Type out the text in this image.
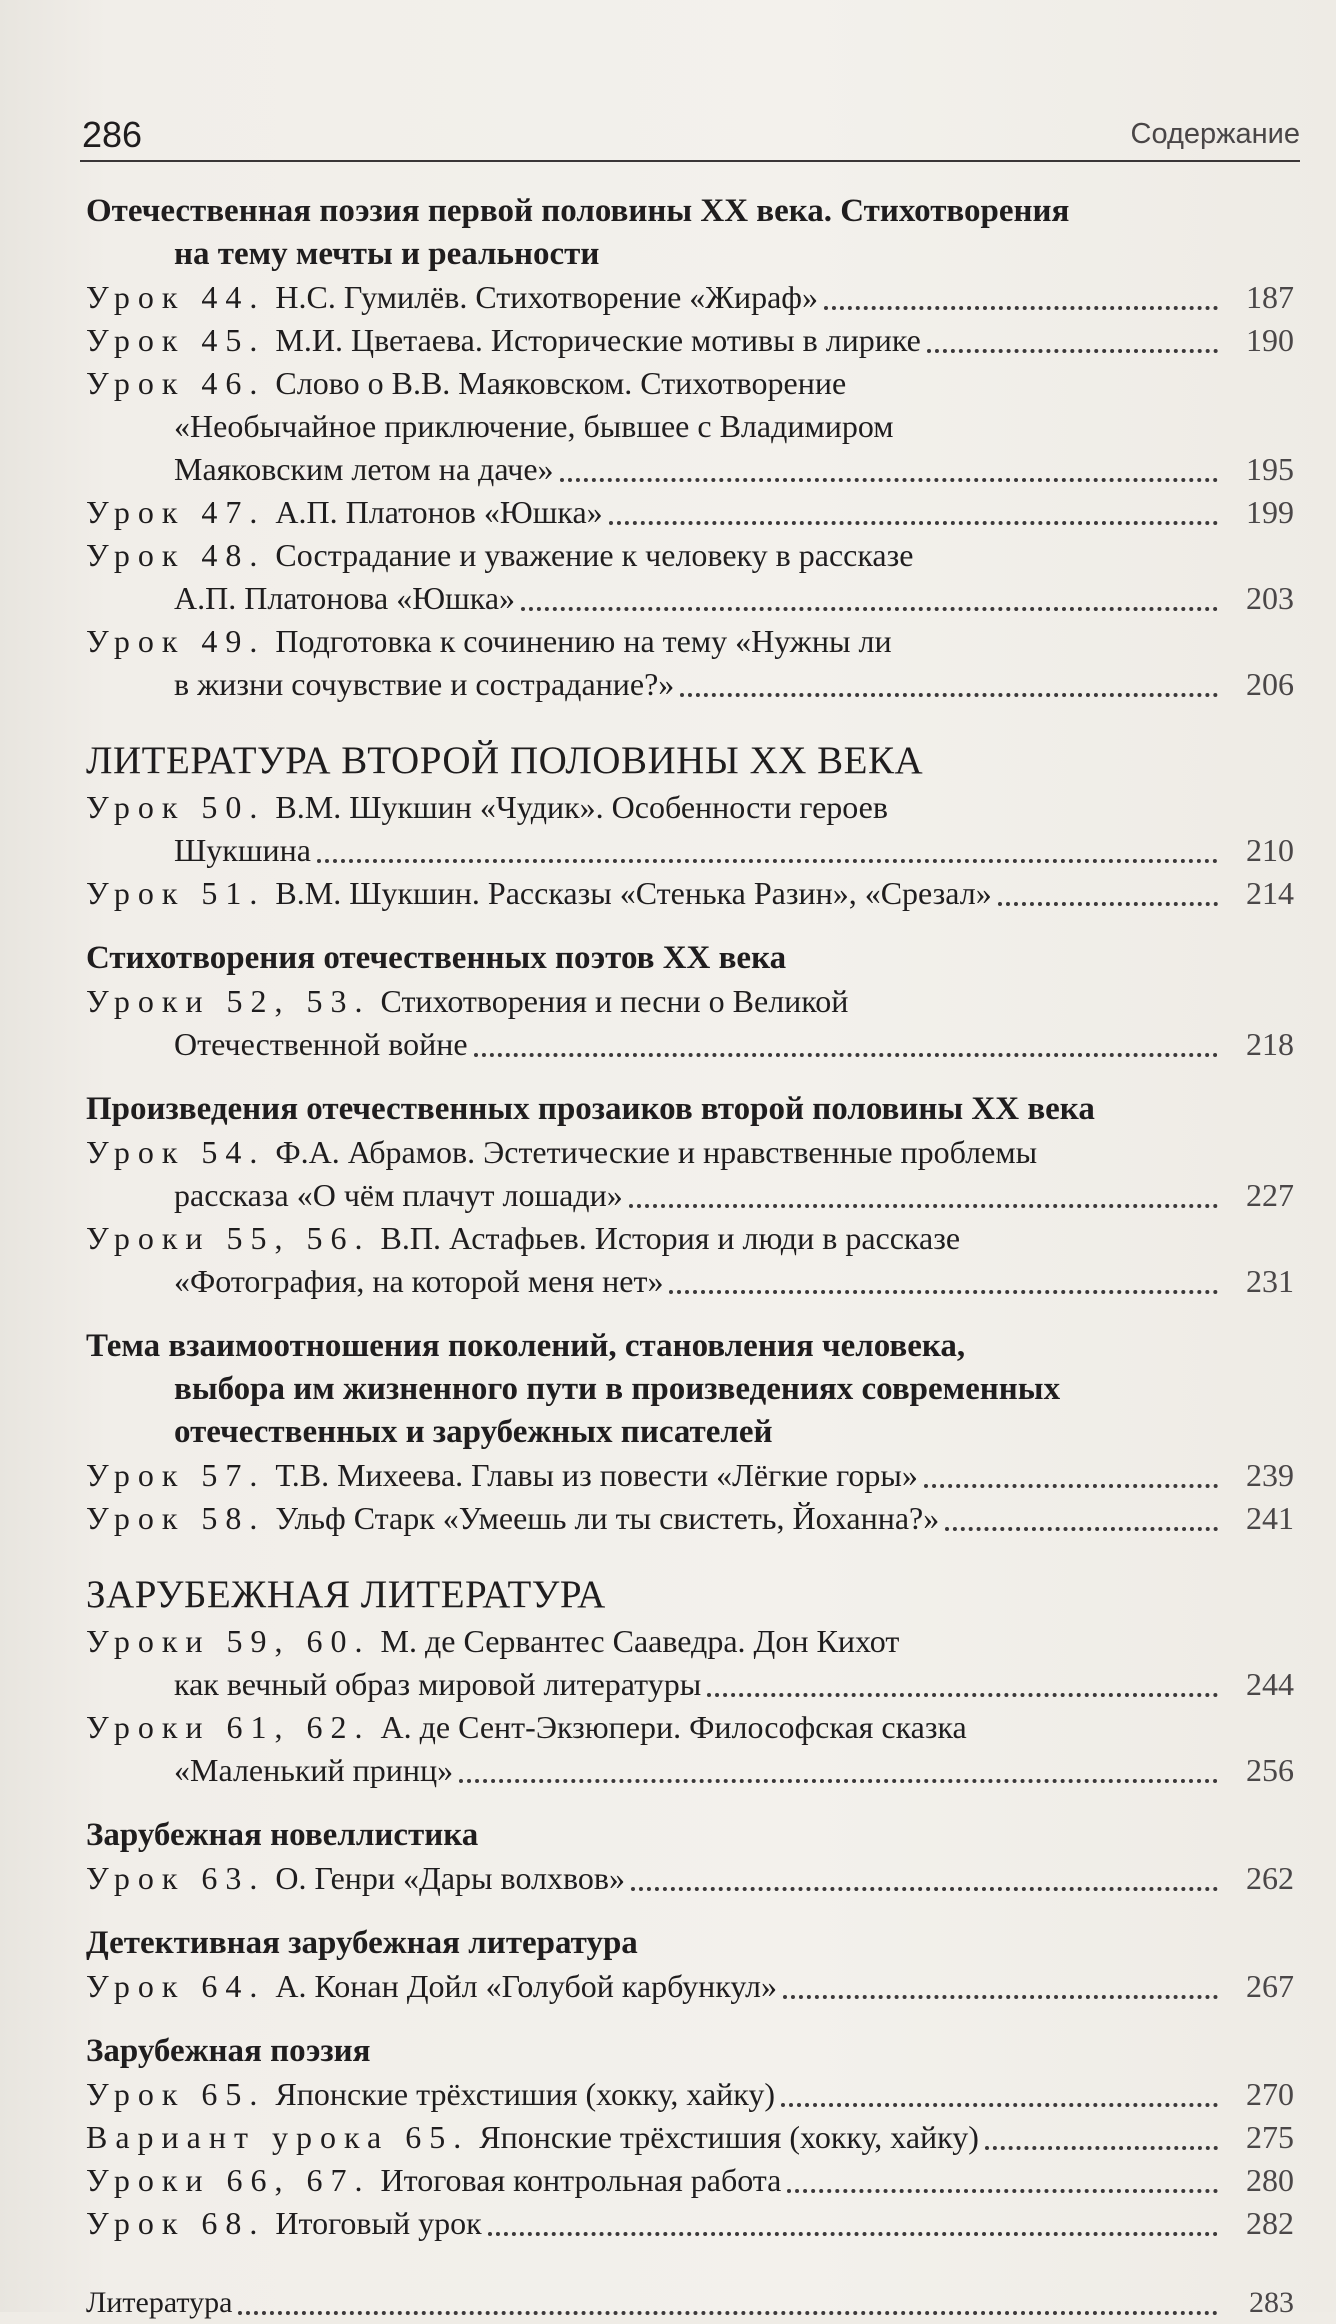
286	Содержание
Отечественная поэзия первой половины XX века. Стихотворения
на тему мечты и реальности
Урок 44. Н.С. Гумилёв. Стихотворение «Жираф»	187
Урок 45. М.И. Цветаева. Исторические мотивы в лирике	190
Урок 46. Слово о В.В. Маяковском. Стихотворение
«Необычайное приключение, бывшее с Владимиром
Маяковским летом на даче»	195
Урок 47. А.П. Платонов «Юшка»	199
Урок 48. Сострадание и уважение к человеку в рассказе
А.П. Платонова «Юшка»	203
Урок 49. Подготовка к сочинению на тему «Нужны ли
в жизни сочувствие и сострадание?»	206
ЛИТЕРАТУРА ВТОРОЙ ПОЛОВИНЫ XX ВЕКА
Урок 50. В.М. Шукшин «Чудик». Особенности героев
Шукшина	210
Урок 51. В.М. Шукшин. Рассказы «Стенька Разин», «Срезал»	214
Стихотворения отечественных поэтов XX века
Уроки 52, 53. Стихотворения и песни о Великой
Отечественной войне	218
Произведения отечественных прозаиков второй половины XX века
Урок 54. Ф.А. Абрамов. Эстетические и нравственные проблемы
рассказа «О чём плачут лошади»	227
Уроки 55, 56. В.П. Астафьев. История и люди в рассказе
«Фотография, на которой меня нет»	231
Тема взаимоотношения поколений, становления человека,
выбора им жизненного пути в произведениях современных
отечественных и зарубежных писателей
Урок 57. Т.В. Михеева. Главы из повести «Лёгкие горы»	239
Урок 58. Ульф Старк «Умеешь ли ты свистеть, Йоханна?»	241
ЗАРУБЕЖНАЯ ЛИТЕРАТУРА
Уроки 59, 60. М. де Сервантес Сааведра. Дон Кихот
как вечный образ мировой литературы	244
Уроки 61, 62. А. де Сент-Экзюпери. Философская сказка
«Маленький принц»	256
Зарубежная новеллистика
Урок 63. О. Генри «Дары волхвов»	262
Детективная зарубежная литература
Урок 64. А. Конан Дойл «Голубой карбункул»	267
Зарубежная поэзия
Урок 65. Японские трёхстишия (хокку, хайку)	270
Вариант урока 65. Японские трёхстишия (хокку, хайку)	275
Уроки 66, 67. Итоговая контрольная работа	280
Урок 68. Итоговый урок	282
Литература	283
